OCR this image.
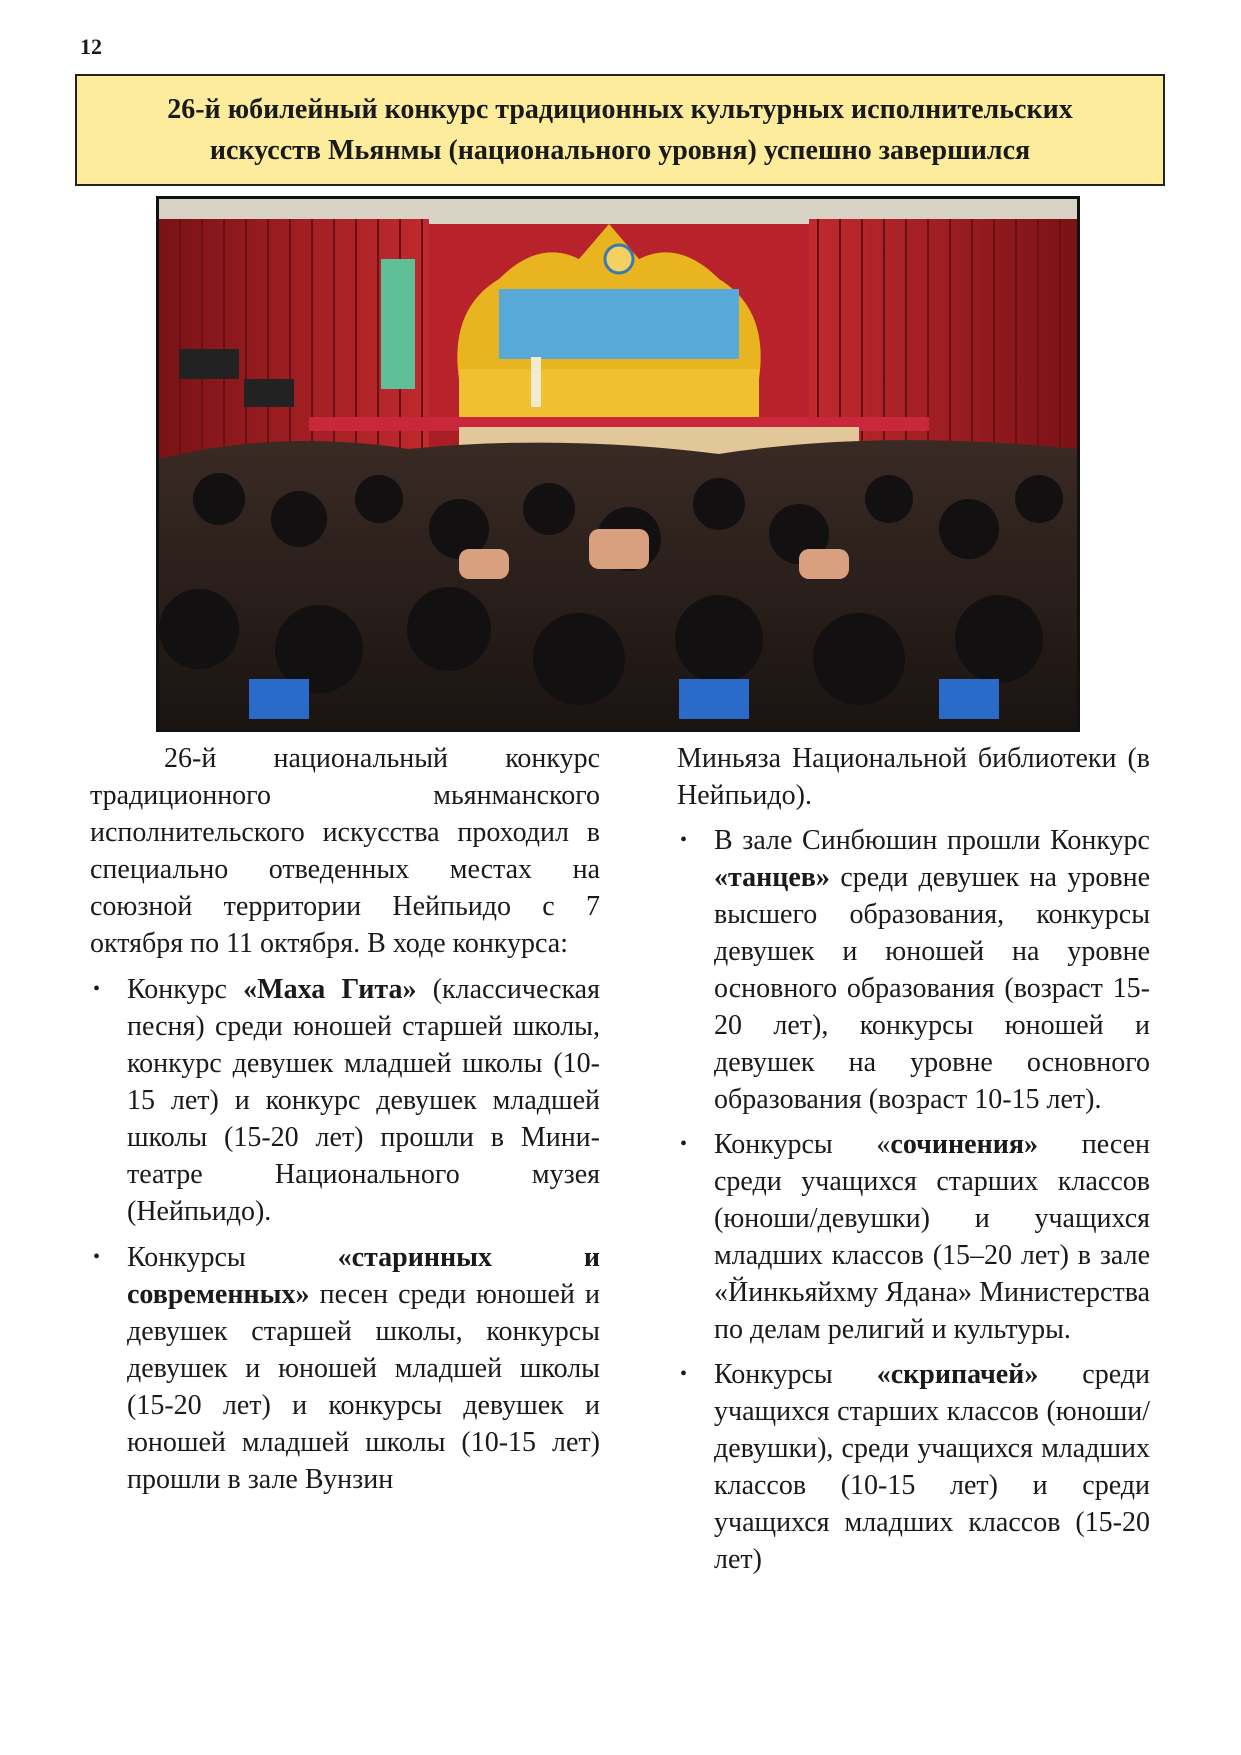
12
26-й юбилейный конкурс традиционных культурных исполнительских
искусств Мьянмы (национального уровня) успешно завершился

26-й национальный конкурс традиционного мьянманского исполнительского искусства проходил в специально отведенных местах на союзной территории Нейпьидо с 7 октября по 11 октября. В ходе конкурса:

• Конкурс «Маха Гита» (классическая песня) среди юношей старшей школы, конкурс девушек младшей школы (10-15 лет) и конкурс девушек младшей школы (15-20 лет) прошли в Мини-театре Национального музея (Нейпьидо).
• Конкурсы «старинных и современных» песен среди юношей и девушек старшей школы, конкурсы девушек и юношей младшей школы (15-20 лет) и конкурсы девушек и юношей младшей школы (10-15 лет) прошли в зале Вунзин

Миньяза Национальной библиотеки (в Нейпьидо).

• В зале Синбюшин прошли Конкурс «танцев» среди девушек на уровне высшего образования, конкурсы девушек и юношей на уровне основного образования (возраст 15-20 лет), конкурсы юношей и девушек на уровне основного образования (возраст 10-15 лет).
• Конкурсы «сочинения» песен среди учащихся старших классов (юноши/девушки) и учащихся младших классов (15–20 лет) в зале «Йинкьяйхму Ядана» Министерства по делам религий и культуры.
• Конкурсы «скрипачей» среди учащихся старших классов (юноши/девушки), среди учащихся младших классов (10-15 лет) и среди учащихся младших классов (15-20 лет)
